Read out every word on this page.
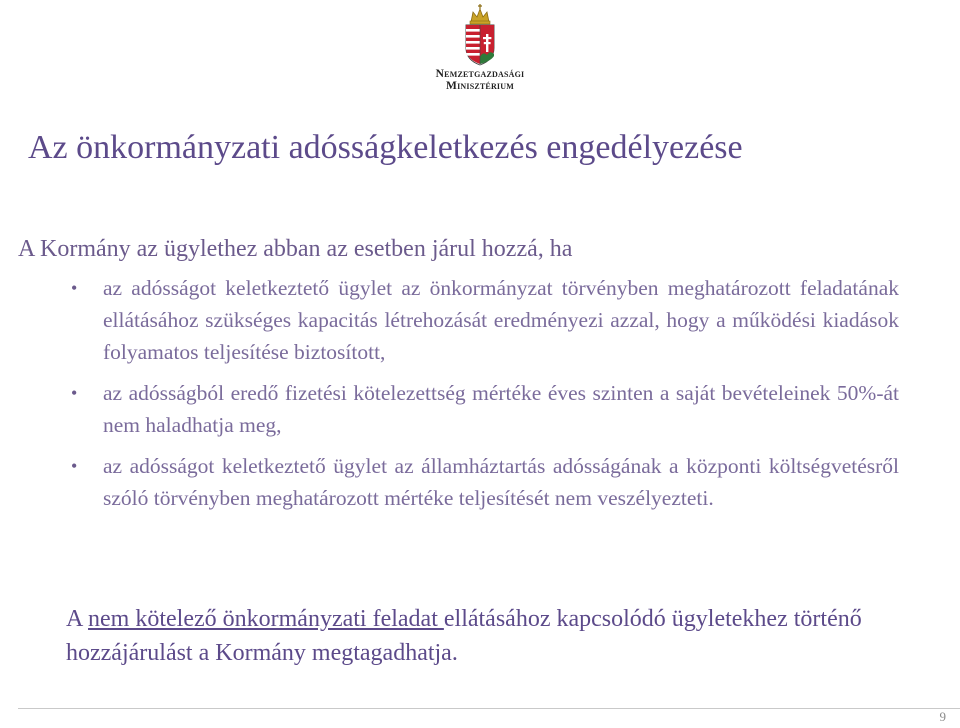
Nemzetgazdasági
Minisztérium
Az önkormányzati adósságkeletkezés engedélyezése

A Kormány az ügylethez abban az esetben járul hozzá, ha

• az adósságot keletkeztető ügylet az önkormányzat törvényben meghatározott feladatának ellátásához szükséges kapacitás létrehozását eredményezi azzal, hogy a működési kiadások folyamatos teljesítése biztosított,
• az adósságból eredő fizetési kötelezettség mértéke éves szinten a saját bevételeinek 50%-át nem haladhatja meg,
• az adósságot keletkeztető ügylet az államháztartás adósságának a központi költségvetésről szóló törvényben meghatározott mértéke teljesítését nem veszélyezteti.

A nem kötelező önkormányzati feladat ellátásához kapcsolódó ügyletekhez történő hozzájárulást a Kormány megtagadhatja.

9
